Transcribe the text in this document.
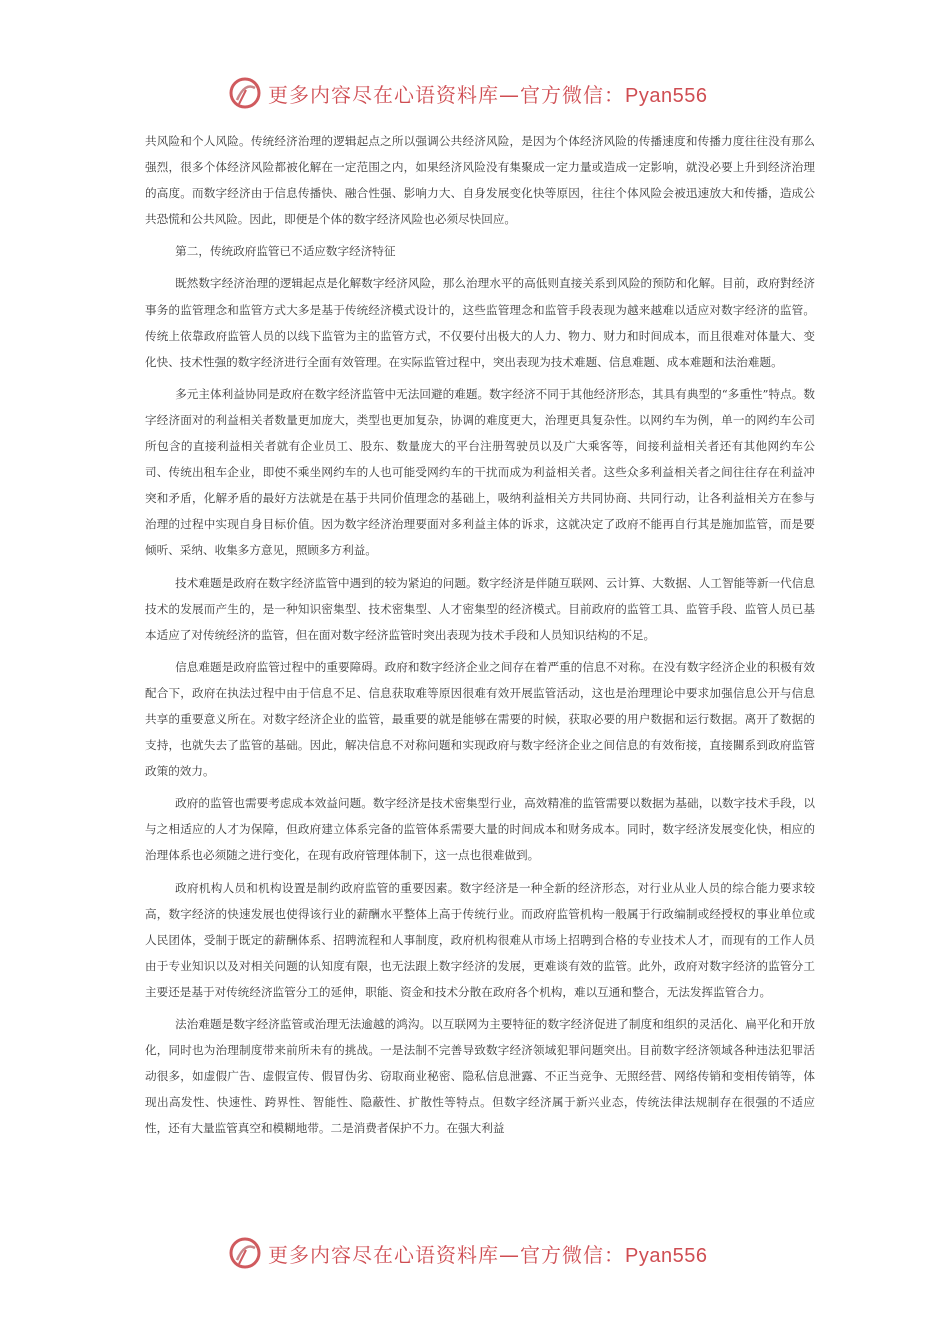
更多内容尽在心语资料库—官方微信：Pyan556

共风险和个人风险。传统经济治理的逻辑起点之所以强调公共经济风险，是因为个体经济风险的传播速度和传播力度往往没有那么强烈，很多个体经济风险都被化解在一定范围之内，如果经济风险没有集聚成一定力量或造成一定影响，就没必要上升到经济治理的高度。而数字经济由于信息传播快、融合性强、影响力大、自身发展变化快等原因，往往个体风险会被迅速放大和传播，造成公共恐慌和公共风险。因此，即便是个体的数字经济风险也必须尽快回应。

第二，传统政府监管已不适应数字经济特征

既然数字经济治理的逻辑起点是化解数字经济风险，那么治理水平的高低则直接关系到风险的预防和化解。目前，政府對经济事务的监管理念和监管方式大多是基于传统经济模式设计的，这些监管理念和监管手段表现为越来越难以适应对数字经济的监管。传统上依靠政府监管人员的以线下监管为主的监管方式，不仅要付出极大的人力、物力、财力和时间成本，而且很难对体量大、变化快、技术性强的数字经济进行全面有效管理。在实际监管过程中，突出表现为技术难题、信息难题、成本难题和法治难题。

多元主体利益协同是政府在数字经济监管中无法回避的难题。数字经济不同于其他经济形态，其具有典型的“多重性”特点。数字经济面对的利益相关者数量更加庞大，类型也更加复杂，协调的难度更大，治理更具复杂性。以网约车为例，单一的网约车公司所包含的直接利益相关者就有企业员工、股东、数量庞大的平台注册驾驶员以及广大乘客等，间接利益相关者还有其他网约车公司、传统出租车企业，即使不乘坐网约车的人也可能受网约车的干扰而成为利益相关者。这些众多利益相关者之间往往存在利益冲突和矛盾，化解矛盾的最好方法就是在基于共同价值理念的基础上，吸纳利益相关方共同协商、共同行动，让各利益相关方在参与治理的过程中实现自身目标价值。因为数字经济治理要面对多利益主体的诉求，这就决定了政府不能再自行其是施加监管，而是要倾听、采纳、收集多方意见，照顾多方利益。

技术难题是政府在数字经济监管中遇到的较为紧迫的问题。数字经济是伴随互联网、云计算、大数据、人工智能等新一代信息技术的发展而产生的，是一种知识密集型、技术密集型、人才密集型的经济模式。目前政府的监管工具、监管手段、监管人员已基本适应了对传统经济的监管，但在面对数字经济监管时突出表现为技术手段和人员知识结构的不足。

信息难题是政府监管过程中的重要障碍。政府和数字经济企业之间存在着严重的信息不对称。在没有数字经济企业的积极有效配合下，政府在执法过程中由于信息不足、信息获取难等原因很难有效开展监管活动，这也是治理理论中要求加强信息公开与信息共享的重要意义所在。对数字经济企业的监管，最重要的就是能够在需要的时候，获取必要的用户数据和运行数据。离开了数据的支持，也就失去了监管的基础。因此，解决信息不对称问题和实现政府与数字经济企业之间信息的有效衔接，直接關系到政府监管政策的效力。

政府的监管也需要考虑成本效益问题。数字经济是技术密集型行业，高效精准的监管需要以数据为基础，以数字技术手段，以与之相适应的人才为保障，但政府建立体系完备的监管体系需要大量的时间成本和财务成本。同时，数字经济发展变化快，相应的治理体系也必须随之进行变化，在现有政府管理体制下，这一点也很难做到。

政府机构人员和机构设置是制约政府监管的重要因素。数字经济是一种全新的经济形态，对行业从业人员的综合能力要求较高，数字经济的快速发展也使得该行业的薪酬水平整体上高于传统行业。而政府监管机构一般属于行政编制或经授权的事业单位或人民团体，受制于既定的薪酬体系、招聘流程和人事制度，政府机构很难从市场上招聘到合格的专业技术人才，而现有的工作人员由于专业知识以及对相关问题的认知度有限，也无法跟上数字经济的发展，更难谈有效的监管。此外，政府对数字经济的监管分工主要还是基于对传统经济监管分工的延伸，职能、资金和技术分散在政府各个机构，难以互通和整合，无法发挥监管合力。

法治难题是数字经济监管或治理无法逾越的鸿沟。以互联网为主要特征的数字经济促进了制度和组织的灵活化、扁平化和开放化，同时也为治理制度带来前所未有的挑战。一是法制不完善导致数字经济领域犯罪问题突出。目前数字经济领域各种违法犯罪活动很多，如虚假广告、虚假宣传、假冒伪劣、窃取商业秘密、隐私信息泄露、不正当竞争、无照经营、网络传销和变相传销等，体现出高发性、快速性、跨界性、智能性、隐蔽性、扩散性等特点。但数字经济属于新兴业态，传统法律法规制存在很强的不适应性，还有大量监管真空和模糊地带。二是消费者保护不力。在强大利益

更多内容尽在心语资料库—官方微信：Pyan556
